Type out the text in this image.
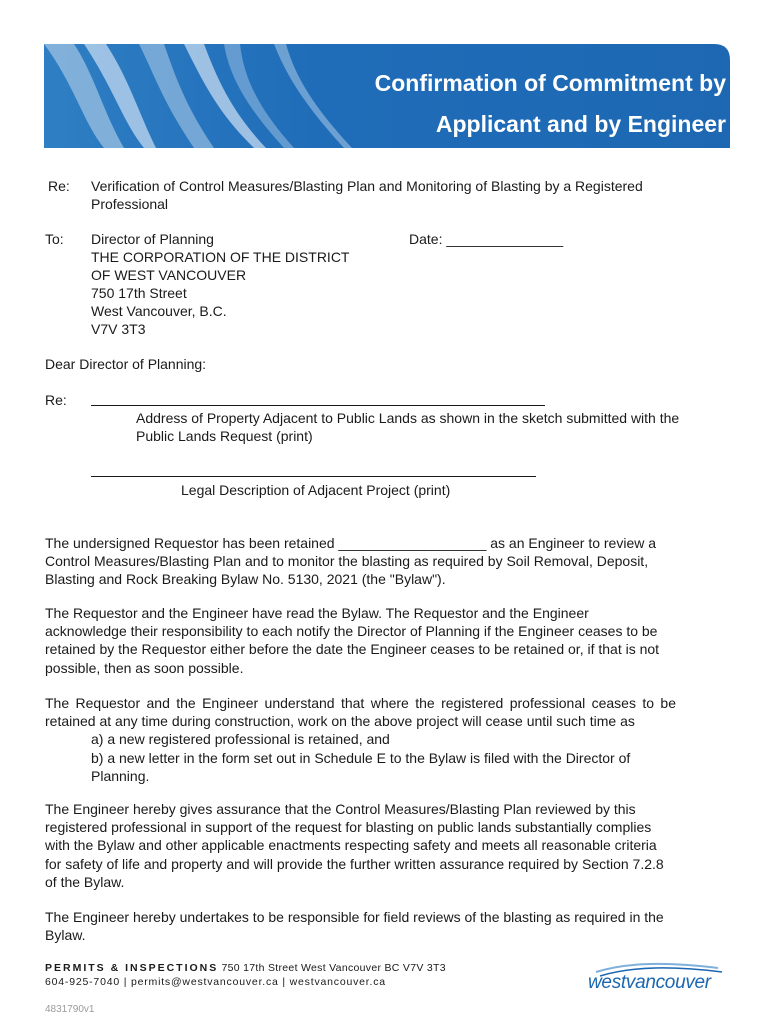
Confirmation of Commitment by
Applicant and by Engineer
Re: Verification of Control Measures/Blasting Plan and Monitoring of Blasting by a Registered
Professional
To: Director of Planning
THE CORPORATION OF THE DISTRICT
OF WEST VANCOUVER
750 17th Street
West Vancouver, B.C.
V7V 3T3
Date: _______________
Dear Director of Planning:
Re:
Address of Property Adjacent to Public Lands as shown in the sketch submitted with the
Public Lands Request (print)
Legal Description of Adjacent Project (print)
The undersigned Requestor has been retained ___________________ as an Engineer to review a
Control Measures/Blasting Plan and to monitor the blasting as required by Soil Removal, Deposit,
Blasting and Rock Breaking Bylaw No. 5130, 2021 (the "Bylaw").
The Requestor and the Engineer have read the Bylaw. The Requestor and the Engineer
acknowledge their responsibility to each notify the Director of Planning if the Engineer ceases to be
retained by the Requestor either before the date the Engineer ceases to be retained or, if that is not
possible, then as soon possible.
The Requestor and the Engineer understand that where the registered professional ceases to be
retained at any time during construction, work on the above project will cease until such time as
a) a new registered professional is retained, and
b) a new letter in the form set out in Schedule E to the Bylaw is filed with the Director of
Planning.
The Engineer hereby gives assurance that the Control Measures/Blasting Plan reviewed by this
registered professional in support of the request for blasting on public lands substantially complies
with the Bylaw and other applicable enactments respecting safety and meets all reasonable criteria
for safety of life and property and will provide the further written assurance required by Section 7.2.8
of the Bylaw.
The Engineer hereby undertakes to be responsible for field reviews of the blasting as required in the
Bylaw.
PERMITS & INSPECTIONS 750 17th Street West Vancouver BC V7V 3T3
604-925-7040 | permits@westvancouver.ca | westvancouver.ca
4831790v1
westvancouver
